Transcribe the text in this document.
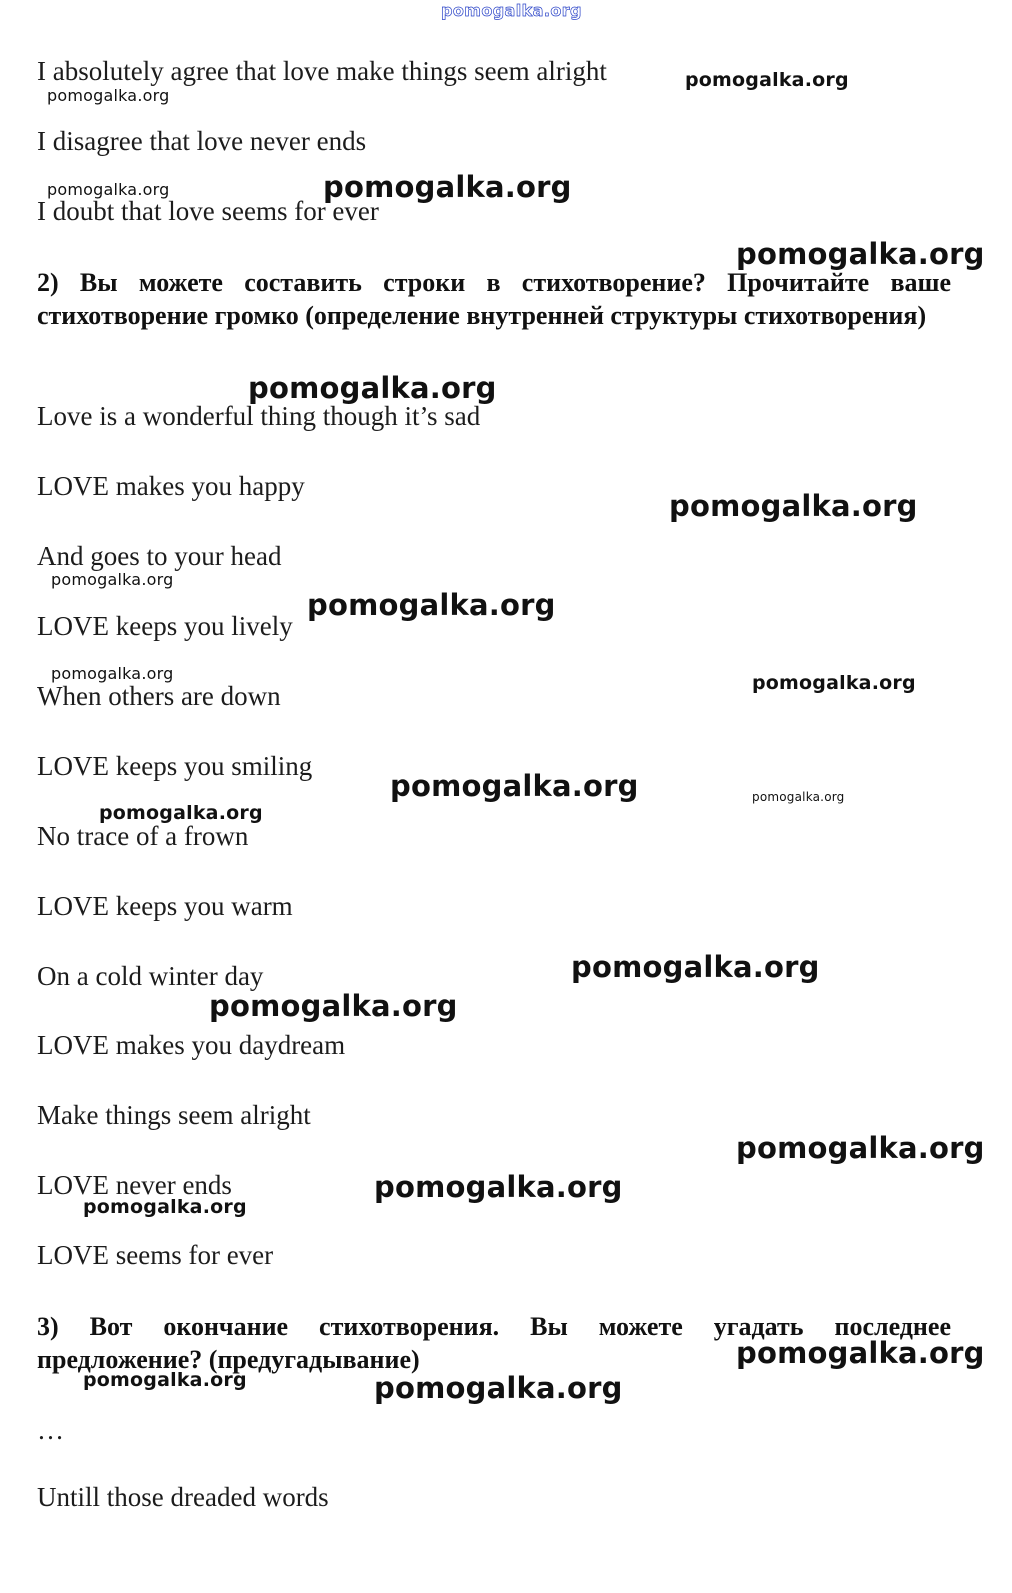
pomogalka.org
pomogalka.org
pomogalka.org
pomogalka.org	pomogalka.org
pomogalka.org
pomogalka.org
pomogalka.org
pomogalka.org
pomogalka.org
pomogalka.org	pomogalka.org
pomogalka.org	pomogalka.org
pomogalka.org
pomogalka.org
pomogalka.org
pomogalka.org
pomogalka.org
pomogalka.org
pomogalka.org
pomogalka.org	pomogalka.org

I absolutely agree that love make things seem alright

I disagree that love never ends

I doubt that love seems for ever

2) Вы можете составить строки в стихотворение? Прочитайте ваше стихотворение громко (определение внутренней структуры стихотворения)

Love is a wonderful thing though it’s sad

LOVE makes you happy

And goes to your head

LOVE keeps you lively

When others are down

LOVE keeps you smiling

No trace of a frown

LOVE keeps you warm

On a cold winter day

LOVE makes you daydream

Make things seem alright

LOVE never ends

LOVE seems for ever

3) Вот окончание стихотворения. Вы можете угадать последнее предложение? (предугадывание)

…

Untill those dreaded words
